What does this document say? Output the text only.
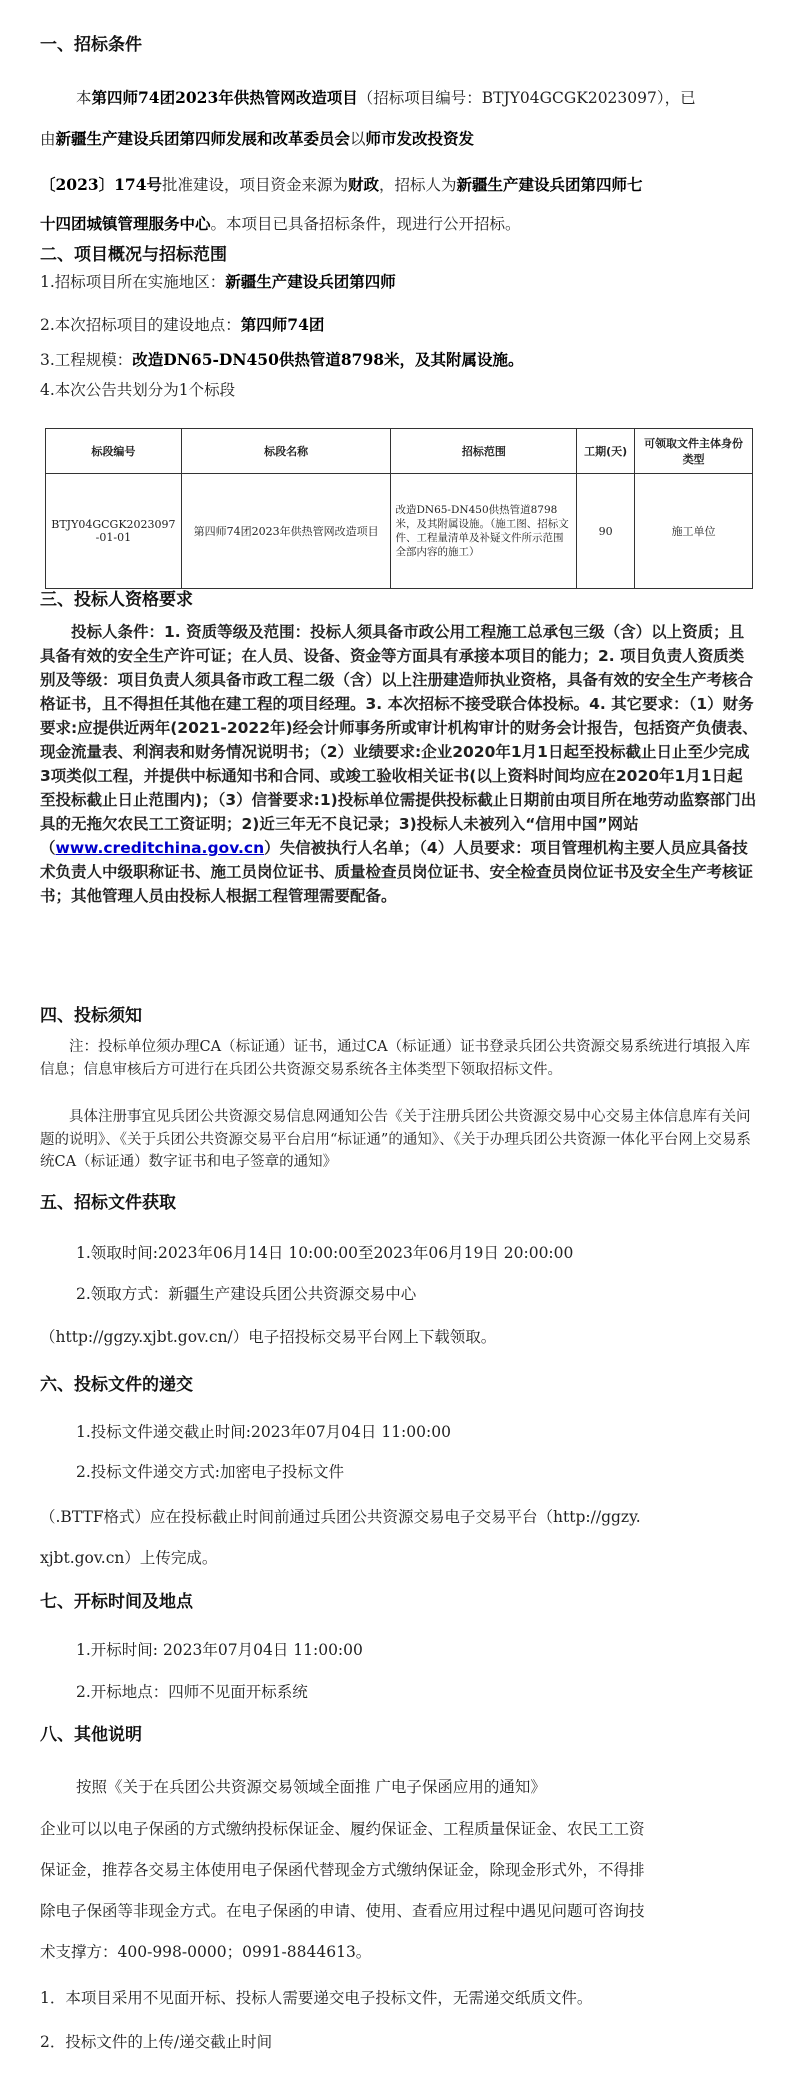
一、招标条件
本第四师74团2023年供热管网改造项目（招标项目编号：BTJY04GCGK2023097），已
由新疆生产建设兵团第四师发展和改革委员会以师市发改投资发
〔2023〕174号批准建设，项目资金来源为财政，招标人为新疆生产建设兵团第四师七
十四团城镇管理服务中心。本项目已具备招标条件，现进行公开招标。
二、项目概况与招标范围
1.招标项目所在实施地区：新疆生产建设兵团第四师
2.本次招标项目的建设地点：第四师74团
3.工程规模：改造DN65-DN450供热管道8798米，及其附属设施。
4.本次公告共划分为1个标段
标段编号	标段名称	招标范围	工期(天)	可领取文件主体身份类型
BTJY04GCGK2023097-01-01	第四师74团2023年供热管网改造项目	改造DN65-DN450供热管道8798米，及其附属设施。（施工图、招标文件、工程量清单及补疑文件所示范围全部内容的施工）	90	施工单位
三、投标人资格要求
　　投标人条件：1. 资质等级及范围：投标人须具备市政公用工程施工总承包三级（含）以上资质；且具备有效的安全生产许可证；在人员、设备、资金等方面具有承接本项目的能力；2. 项目负责人资质类别及等级：项目负责人须具备市政工程二级（含）以上注册建造师执业资格，具备有效的安全生产考核合格证书，且不得担任其他在建工程的项目经理。3. 本次招标不接受联合体投标。4. 其它要求：（1）财务要求:应提供近两年(2021-2022年)经会计师事务所或审计机构审计的财务会计报告，包括资产负债表、现金流量表、利润表和财务情况说明书；（2）业绩要求:企业2020年1月1日起至投标截止日止至少完成3项类似工程，并提供中标通知书和合同、或竣工验收相关证书(以上资料时间均应在2020年1月1日起至投标截止日止范围内)；（3）信誉要求:1)投标单位需提供投标截止日期前由项目所在地劳动监察部门出具的无拖欠农民工工资证明；2)近三年无不良记录；3)投标人未被列入“信用中国”网站（www.creditchina.gov.cn）失信被执行人名单；（4）人员要求：项目管理机构主要人员应具备技术负责人中级职称证书、施工员岗位证书、质量检查员岗位证书、安全检查员岗位证书及安全生产考核证书；其他管理人员由投标人根据工程管理需要配备。
四、投标须知
　　注：投标单位须办理CA（标证通）证书，通过CA（标证通）证书登录兵团公共资源交易系统进行填报入库信息；信息审核后方可进行在兵团公共资源交易系统各主体类型下领取招标文件。
　　具体注册事宜见兵团公共资源交易信息网通知公告《关于注册兵团公共资源交易中心交易主体信息库有关问题的说明》、《关于兵团公共资源交易平台启用“标证通”的通知》、《关于办理兵团公共资源一体化平台网上交易系统CA（标证通）数字证书和电子签章的通知》
五、招标文件获取
1.领取时间:2023年06月14日 10:00:00至2023年06月19日 20:00:00
2.领取方式：新疆生产建设兵团公共资源交易中心
（http://ggzy.xjbt.gov.cn/）电子招投标交易平台网上下载领取。
六、投标文件的递交
1.投标文件递交截止时间:2023年07月04日 11:00:00
2.投标文件递交方式:加密电子投标文件
（.BTTF格式）应在投标截止时间前通过兵团公共资源交易电子交易平台（http://ggzy.
xjbt.gov.cn）上传完成。
七、开标时间及地点
1.开标时间: 2023年07月04日 11:00:00
2.开标地点：四师不见面开标系统
八、其他说明
按照《关于在兵团公共资源交易领域全面推 广电子保函应用的通知》
企业可以以电子保函的方式缴纳投标保证金、履约保证金、工程质量保证金、农民工工资
保证金，推荐各交易主体使用电子保函代替现金方式缴纳保证金，除现金形式外，不得排
除电子保函等非现金方式。在电子保函的申请、使用、查看应用过程中遇见问题可咨询技
术支撑方：400-998-0000；0991-8844613。
1．本项目采用不见面开标、投标人需要递交电子投标文件，无需递交纸质文件。
2．投标文件的上传/递交截止时间
